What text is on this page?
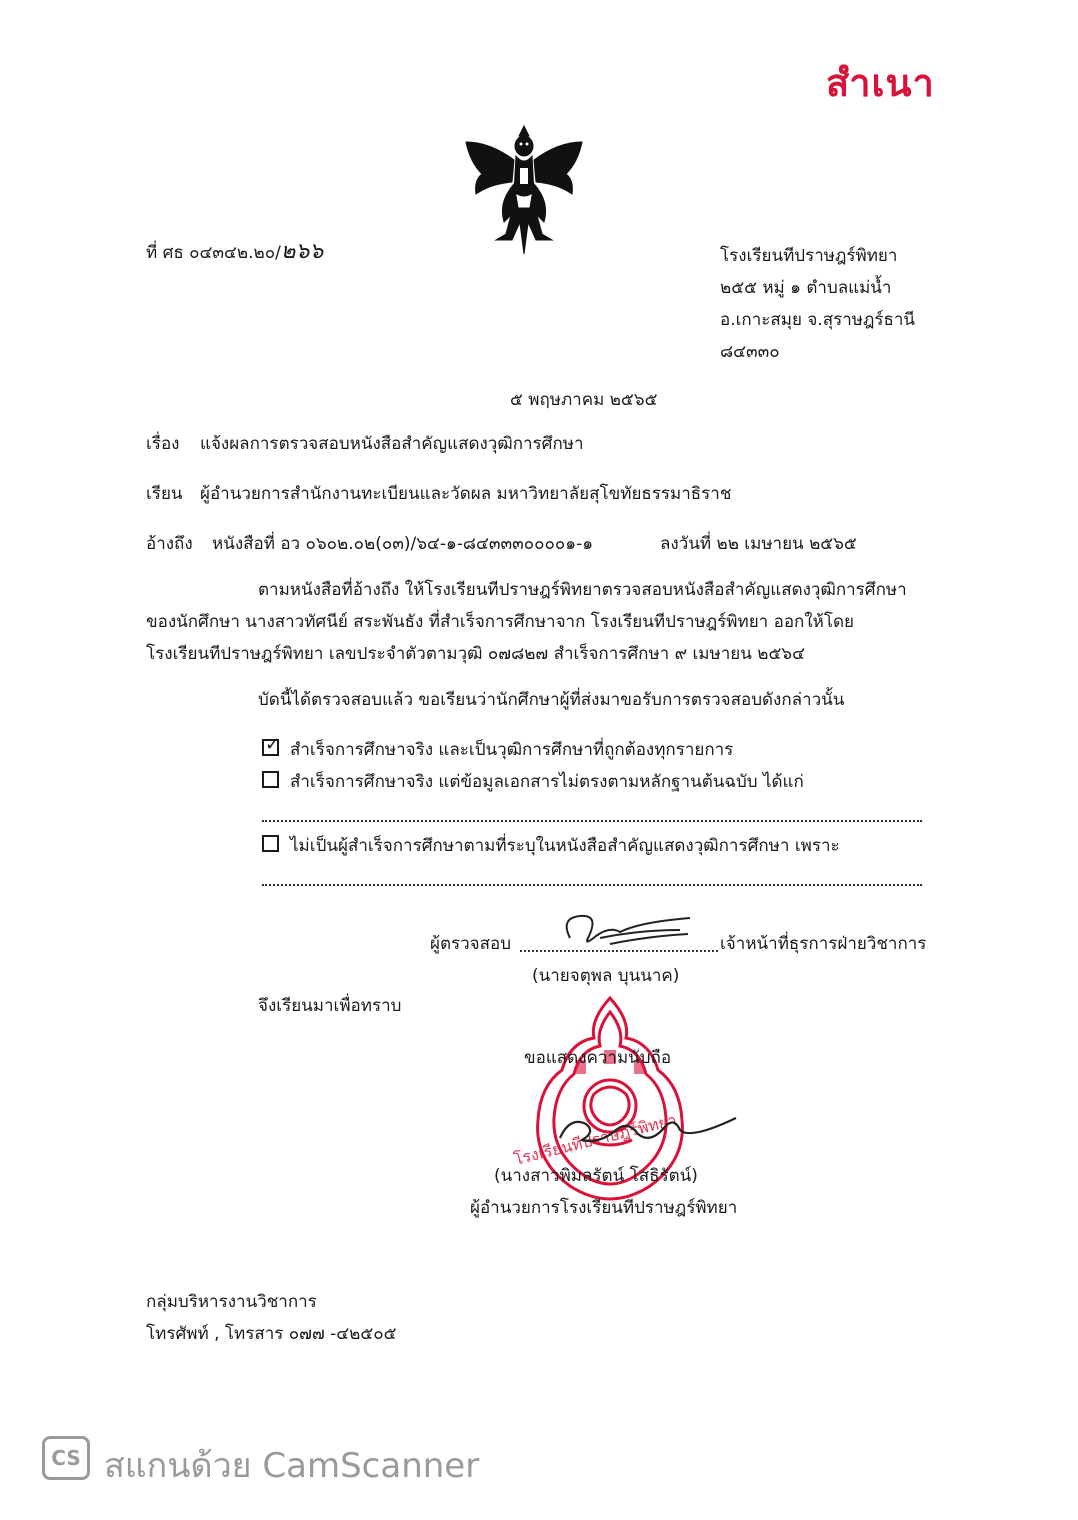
สำเนา
ที่ ศธ ๐๔๓๔๒.๒๐/๒๖๖	โรงเรียนทีปราษฎร์พิทยา
๒๕๕ หมู่ ๑ ตำบลแม่น้ำ
อ.เกาะสมุย จ.สุราษฎร์ธานี
๘๔๓๓๐
๕ พฤษภาคม ๒๕๖๕
เรื่อง แจ้งผลการตรวจสอบหนังสือสำคัญแสดงวุฒิการศึกษา
เรียน ผู้อำนวยการสำนักงานทะเบียนและวัดผล มหาวิทยาลัยสุโขทัยธรรมาธิราช
อ้างถึง หนังสือที่ อว ๐๖๐๒.๐๒(๐๓)/๖๔-๑-๘๔๓๓๓๐๐๐๐๑-๑	ลงวันที่ ๒๒ เมษายน ๒๕๖๕
ตามหนังสือที่อ้างถึง ให้โรงเรียนทีปราษฎร์พิทยาตรวจสอบหนังสือสำคัญแสดงวุฒิการศึกษา
ของนักศึกษา นางสาวทัศนีย์ สระพันธัง ที่สำเร็จการศึกษาจาก โรงเรียนทีปราษฎร์พิทยา ออกให้โดย
โรงเรียนทีปราษฎร์พิทยา เลขประจำตัวตามวุฒิ ๐๗๘๒๗ สำเร็จการศึกษา ๙ เมษายน ๒๕๖๔
บัดนี้ได้ตรวจสอบแล้ว ขอเรียนว่านักศึกษาผู้ที่ส่งมาขอรับการตรวจสอบดังกล่าวนั้น
✓ สำเร็จการศึกษาจริง และเป็นวุฒิการศึกษาที่ถูกต้องทุกรายการ
สำเร็จการศึกษาจริง แต่ข้อมูลเอกสารไม่ตรงตามหลักฐานต้นฉบับ ได้แก่
ไม่เป็นผู้สำเร็จการศึกษาตามที่ระบุในหนังสือสำคัญแสดงวุฒิการศึกษา เพราะ
ผู้ตรวจสอบ	เจ้าหน้าที่ธุรการฝ่ายวิชาการ
(นายจตุพล บุนนาค)
จึงเรียนมาเพื่อทราบ
โรงเรียนทีปราษฎร์พิทยา
ขอแสดงความนับถือ
(นางสาวพิมลรัตน์ โสธิรัตน์)
ผู้อำนวยการโรงเรียนทีปราษฎร์พิทยา
กลุ่มบริหารงานวิชาการ
โทรศัพท์ , โทรสาร ๐๗๗ -๔๒๕๐๕
CS สแกนด้วย CamScanner
